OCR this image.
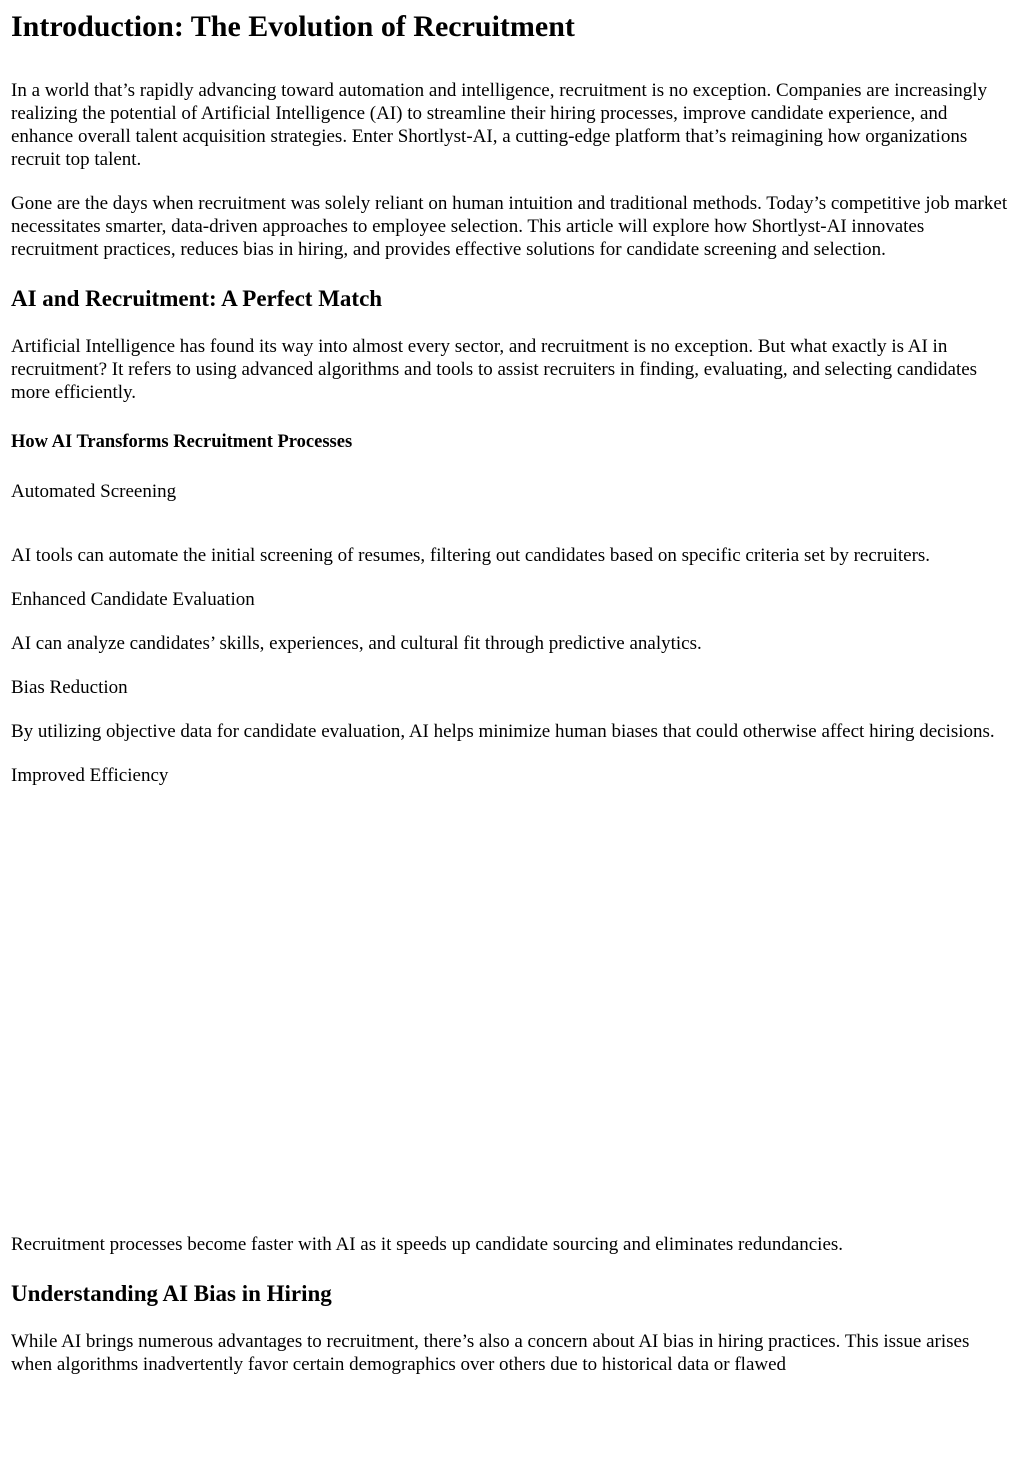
Introduction: The Evolution of Recruitment

In a world that’s rapidly advancing toward automation and intelligence, recruitment is no exception. Companies are increasingly realizing the potential of Artificial Intelligence (AI) to streamline their hiring processes, improve candidate experience, and enhance overall talent acquisition strategies. Enter Shortlyst-AI, a cutting-edge platform that’s reimagining how organizations recruit top talent.

Gone are the days when recruitment was solely reliant on human intuition and traditional methods. Today’s competitive job market necessitates smarter, data-driven approaches to employee selection. This article will explore how Shortlyst-AI innovates recruitment practices, reduces bias in hiring, and provides effective solutions for candidate screening and selection.

AI and Recruitment: A Perfect Match

Artificial Intelligence has found its way into almost every sector, and recruitment is no exception. But what exactly is AI in recruitment? It refers to using advanced algorithms and tools to assist recruiters in finding, evaluating, and selecting candidates more efficiently.

How AI Transforms Recruitment Processes

Automated Screening

AI tools can automate the initial screening of resumes, filtering out candidates based on specific criteria set by recruiters.

Enhanced Candidate Evaluation

AI can analyze candidates’ skills, experiences, and cultural fit through predictive analytics.

Bias Reduction

By utilizing objective data for candidate evaluation, AI helps minimize human biases that could otherwise affect hiring decisions.

Improved Efficiency

Recruitment processes become faster with AI as it speeds up candidate sourcing and eliminates redundancies.

Understanding AI Bias in Hiring

While AI brings numerous advantages to recruitment, there’s also a concern about AI bias in hiring practices. This issue arises when algorithms inadvertently favor certain demographics over others due to historical data or flawed
